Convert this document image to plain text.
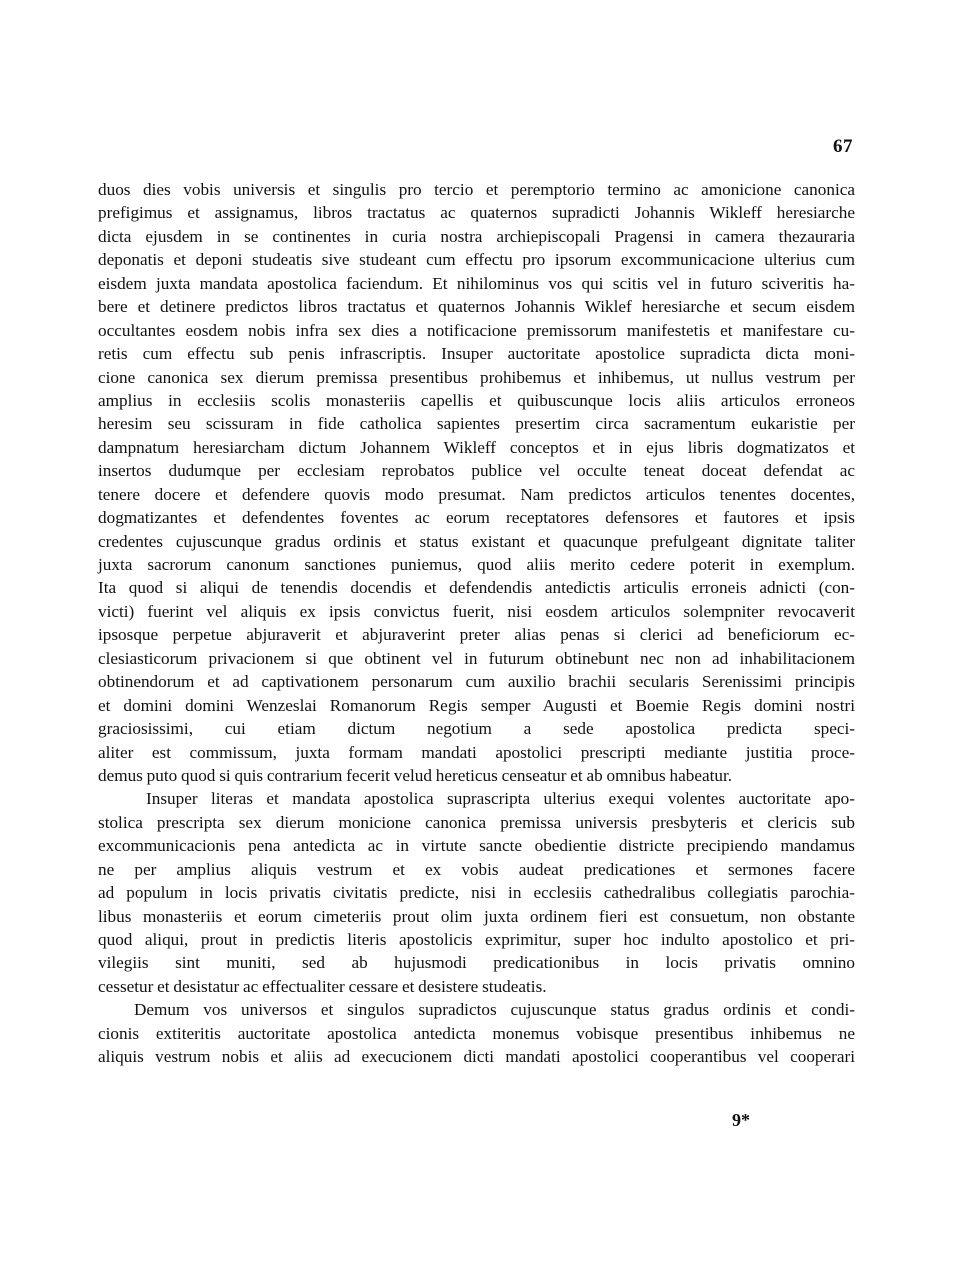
67
duos dies vobis universis et singulis pro tercio et peremptorio termino ac amonicione canonica
prefigimus et assignamus, libros tractatus ac quaternos supradicti Johannis Wikleff heresiarche
dicta ejusdem in se continentes in curia nostra archiepiscopali Pragensi in camera thezauraria
deponatis et deponi studeatis sive studeant cum effectu pro ipsorum excommunicacione ulterius cum
eisdem juxta mandata apostolica faciendum. Et nihilominus vos qui scitis vel in futuro sciveritis ha-
bere et detinere predictos libros tractatus et quaternos Johannis Wiklef heresiarche et secum eisdem
occultantes eosdem nobis infra sex dies a notificacione premissorum manifestetis et manifestare cu-
retis cum effectu sub penis infrascriptis. Insuper auctoritate apostolice supradicta dicta moni-
cione canonica sex dierum premissa presentibus prohibemus et inhibemus, ut nullus vestrum per
amplius in ecclesiis scolis monasteriis capellis et quibuscunque locis aliis articulos erroneos
heresim seu scissuram in fide catholica sapientes presertim circa sacramentum eukaristie per
dampnatum heresiarcham dictum Johannem Wikleff conceptos et in ejus libris dogmatizatos et
insertos dudumque per ecclesiam reprobatos publice vel occulte teneat doceat defendat ac
tenere docere et defendere quovis modo presumat. Nam predictos articulos tenentes docentes,
dogmatizantes et defendentes foventes ac eorum receptatores defensores et fautores et ipsis
credentes cujuscunque gradus ordinis et status existant et quacunque prefulgeant dignitate taliter
juxta sacrorum canonum sanctiones puniemus, quod aliis merito cedere poterit in exemplum.
Ita quod si aliqui de tenendis docendis et defendendis antedictis articulis erroneis adnicti (con-
victi) fuerint vel aliquis ex ipsis convictus fuerit, nisi eosdem articulos solempniter revocaverit
ipsosque perpetue abjuraverit et abjuraverint preter alias penas si clerici ad beneficiorum ec-
clesiasticorum privacionem si que obtinent vel in futurum obtinebunt nec non ad inhabilitacionem
obtinendorum et ad captivationem personarum cum auxilio brachii secularis Serenissimi principis
et domini domini Wenzeslai Romanorum Regis semper Augusti et Boemie Regis domini nostri
graciosissimi, cui etiam dictum negotium a sede apostolica predicta speci-
aliter est commissum, juxta formam mandati apostolici prescripti mediante justitia proce-
demus puto quod si quis contrarium fecerit velud hereticus censeatur et ab omnibus habeatur.
Insuper literas et mandata apostolica suprascripta ulterius exequi volentes auctoritate apo-
stolica prescripta sex dierum monicione canonica premissa universis presbyteris et clericis sub
excommunicacionis pena antedicta ac in virtute sancte obedientie districte precipiendo mandamus
ne per amplius aliquis vestrum et ex vobis audeat predicationes et sermones facere
ad populum in locis privatis civitatis predicte, nisi in ecclesiis cathedralibus collegiatis parochia-
libus monasteriis et eorum cimeteriis prout olim juxta ordinem fieri est consuetum, non obstante
quod aliqui, prout in predictis literis apostolicis exprimitur, super hoc indulto apostolico et pri-
vilegiis sint muniti, sed ab hujusmodi predicationibus in locis privatis omnino
cessetur et desistatur ac effectualiter cessare et desistere studeatis.
Demum vos universos et singulos supradictos cujuscunque status gradus ordinis et condi-
cionis extiteritis auctoritate apostolica antedicta monemus vobisque presentibus inhibemus ne
aliquis vestrum nobis et aliis ad execucionem dicti mandati apostolici cooperantibus vel cooperari
9*
